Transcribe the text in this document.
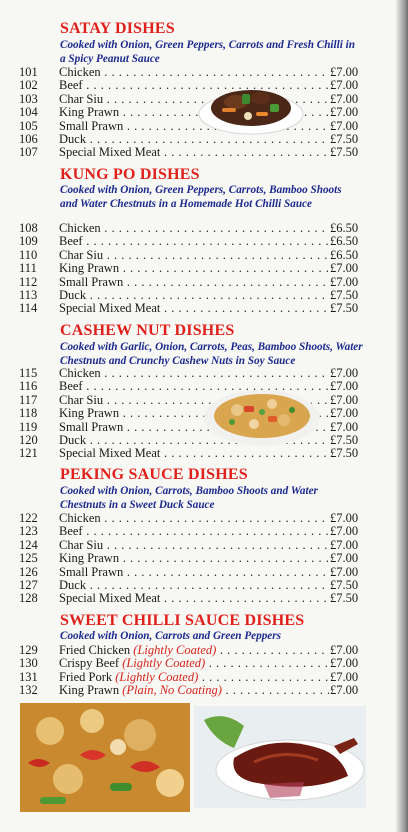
SATAY DISHES
Cooked with Onion, Green Peppers, Carrots and Fresh Chilli in a Spicy Peanut Sauce
101	Chicken . . .	£7.00
102	Beef . . .	£7.00
103	Char Siu . . .	£7.00
104	King Prawn . . .	£7.00
105	Small Prawn . . .	£7.00
106	Duck . . .	£7.50
107	Special Mixed Meat . . .	£7.50
KUNG PO DISHES
Cooked with Onion, Green Peppers, Carrots, Bamboo Shoots and Water Chestnuts in a Homemade Hot Chilli Sauce
108	Chicken . . .	£6.50
109	Beef . . .	£6.50
110	Char Siu . . .	£6.50
111	King Prawn . . .	£7.00
112	Small Prawn . . .	£7.00
113	Duck . . .	£7.50
114	Special Mixed Meat . . .	£7.50
CASHEW NUT DISHES
Cooked with Garlic, Onion, Carrots, Peas, Bamboo Shoots, Water Chestnuts and Crunchy Cashew Nuts in Soy Sauce
115	Chicken . . .	£7.00
116	Beef . . .	£7.00
117	Char Siu . . .	£7.00
118	King Prawn . . .	£7.00
119	Small Prawn . . .	£7.00
120	Duck . . .	£7.50
121	Special Mixed Meat . . .	£7.50
PEKING SAUCE DISHES
Cooked with Onion, Carrots, Bamboo Shoots and Water Chestnuts in a Sweet Duck Sauce
122	Chicken . . .	£7.00
123	Beef . . .	£7.00
124	Char Siu . . .	£7.00
125	King Prawn . . .	£7.00
126	Small Prawn . . .	£7.00
127	Duck . . .	£7.50
128	Special Mixed Meat . . .	£7.50
SWEET CHILLI SAUCE DISHES
Cooked with Onion, Carrots and Green Peppers
129	Fried Chicken (Lightly Coated) . . .	£7.00
130	Crispy Beef (Lightly Coated) . . .	£7.00
131	Fried Pork (Lightly Coated) . . .	£7.00
132	King Prawn (Plain, No Coating) . . .	£7.00
